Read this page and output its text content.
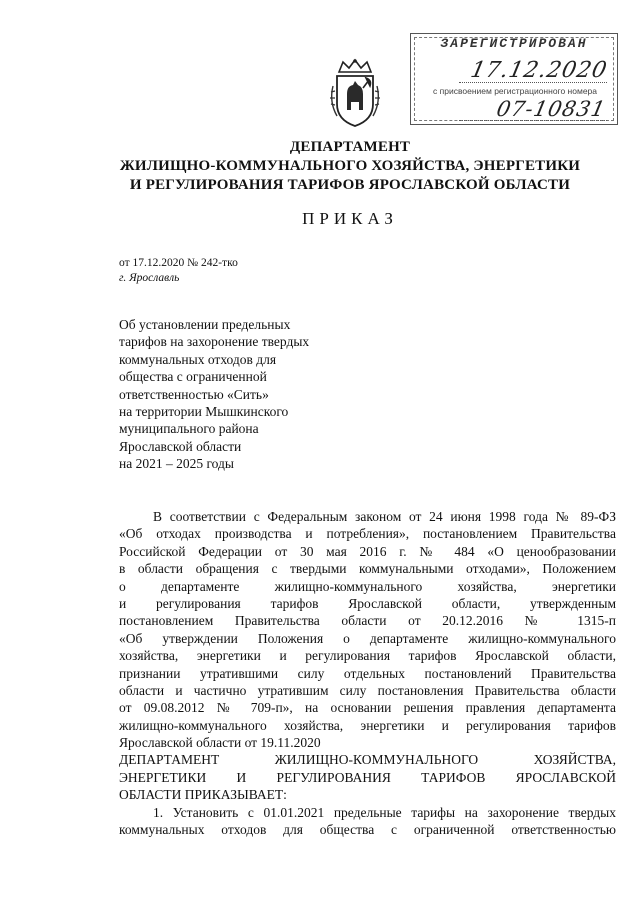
ЗАРЕГИСТРИРОВАН
17.12.2020
с присвоением регистрационного номера
07-10831
ДЕПАРТАМЕНТ
ЖИЛИЩНО-КОММУНАЛЬНОГО ХОЗЯЙСТВА, ЭНЕРГЕТИКИ
И РЕГУЛИРОВАНИЯ ТАРИФОВ ЯРОСЛАВСКОЙ ОБЛАСТИ
ПРИКАЗ
от 17.12.2020 № 242-тко
г. Ярославль
Об установлении предельных
тарифов на захоронение твердых
коммунальных отходов для
общества с ограниченной
ответственностью «Сить»
на территории Мышкинского
муниципального района
Ярославской области
на 2021 – 2025 годы
В соответствии с Федеральным законом от 24 июня 1998 года № 89-ФЗ
«Об отходах производства и потребления», постановлением Правительства
Российской Федерации от 30 мая 2016 г. № 484 «О ценообразовании
в области обращения с твердыми коммунальными отходами», Положением
о департаменте жилищно-коммунального хозяйства, энергетики
и регулирования тарифов Ярославской области, утвержденным
постановлением Правительства области от 20.12.2016 № 1315-п
«Об утверждении Положения о департаменте жилищно-коммунального
хозяйства, энергетики и регулирования тарифов Ярославской области,
признании утратившими силу отдельных постановлений Правительства
области и частично утратившим силу постановления Правительства области
от 09.08.2012 № 709-п», на основании решения правления департамента
жилищно-коммунального хозяйства, энергетики и регулирования тарифов
Ярославской области от 19.11.2020
ДЕПАРТАМЕНТ ЖИЛИЩНО-КОММУНАЛЬНОГО ХОЗЯЙСТВА,
ЭНЕРГЕТИКИ И РЕГУЛИРОВАНИЯ ТАРИФОВ ЯРОСЛАВСКОЙ
ОБЛАСТИ ПРИКАЗЫВАЕТ:
1. Установить с 01.01.2021 предельные тарифы на захоронение твердых
коммунальных отходов для общества с ограниченной ответственностью
